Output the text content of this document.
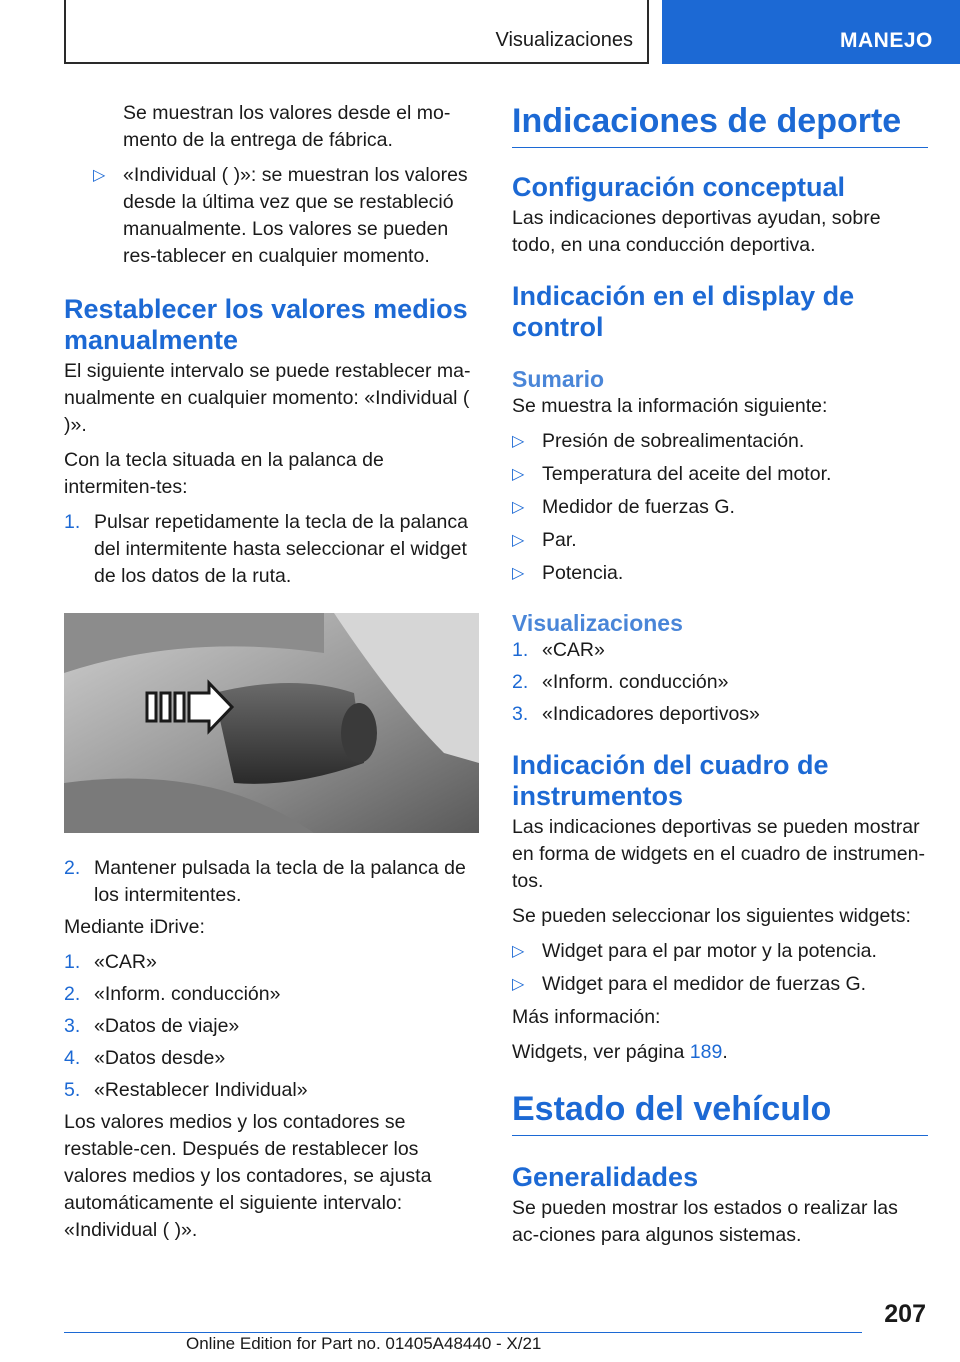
Visualizaciones	MANEJO

Se muestran los valores desde el mo-mento de la entrega de fábrica.

▷ «Individual ( )»: se muestran los valores desde la última vez que se restableció manualmente. Los valores se pueden res-tablecer en cualquier momento.
Restablecer los valores medios manualmente

El siguiente intervalo se puede restablecer ma-nualmente en cualquier momento: «Individual ( )».

Con la tecla situada en la palanca de intermiten-tes:

1. Pulsar repetidamente la tecla de la palanca del intermitente hasta seleccionar el widget de los datos de la ruta.
2. Mantener pulsada la tecla de la palanca de los intermitentes.

Mediante iDrive:

1. «CAR»
2. «Inform. conducción»
3. «Datos de viaje»
4. «Datos desde»
5. «Restablecer Individual»

Los valores medios y los contadores se restable-cen. Después de restablecer los valores medios y los contadores, se ajusta automáticamente el siguiente intervalo: «Individual ( )».

Indicaciones de deporte
Configuración conceptual

Las indicaciones deportivas ayudan, sobre todo, en una conducción deportiva.

Indicación en el display de control
Sumario

Se muestra la información siguiente:

▷ Presión de sobrealimentación.
▷ Temperatura del aceite del motor.
▷ Medidor de fuerzas G.
▷ Par.
▷ Potencia.
Visualizaciones
1. «CAR»
2. «Inform. conducción»
3. «Indicadores deportivos»
Indicación del cuadro de instrumentos

Las indicaciones deportivas se pueden mostrar en forma de widgets en el cuadro de instrumen-tos.

Se pueden seleccionar los siguientes widgets:

▷ Widget para el par motor y la potencia.
▷ Widget para el medidor de fuerzas G.

Más información:

Widgets, ver página 189.

Estado del vehículo
Generalidades

Se pueden mostrar los estados o realizar las ac-ciones para algunos sistemas.

207
Online Edition for Part no. 01405A48440 - X/21
